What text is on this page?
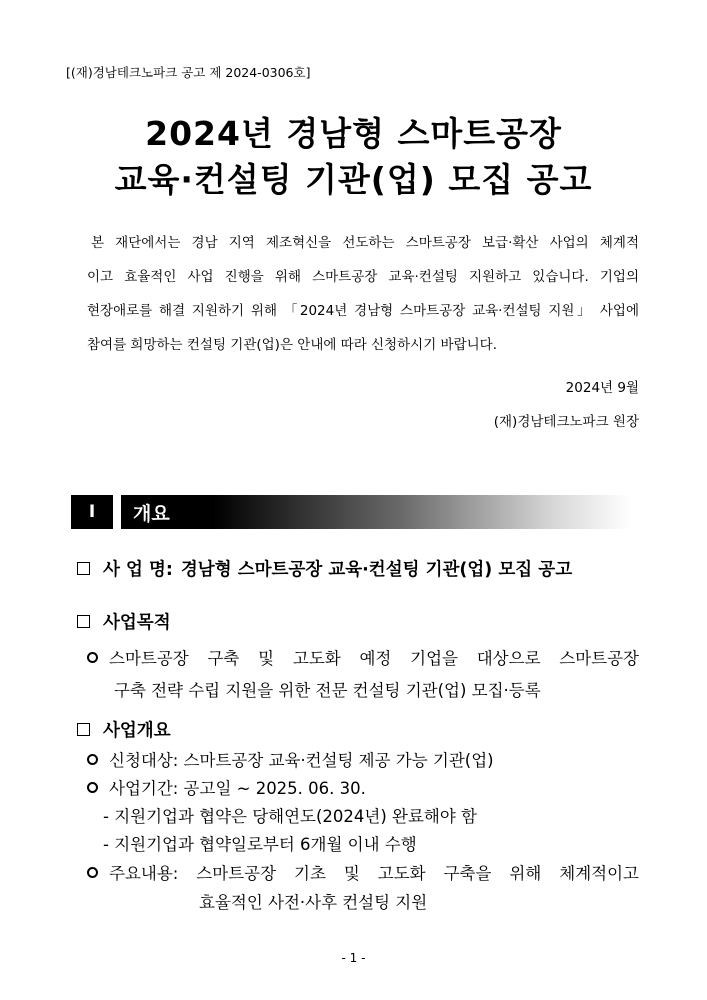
[(재)경남테크노파크 공고 제 2024-0306호]
2024년 경남형 스마트공장
교육·컨설팅 기관(업) 모집 공고
본 재단에서는 경남 지역 제조혁신을 선도하는 스마트공장 보급·확산 사업의 체계적
이고 효율적인 사업 진행을 위해 스마트공장 교육·컨설팅 지원하고 있습니다. 기업의
현장애로를 해결 지원하기 위해 「2024년 경남형 스마트공장 교육·컨설팅 지원」 사업에
참여를 희망하는 컨설팅 기관(업)은 안내에 따라 신청하시기 바랍니다.
2024년 9월
(재)경남테크노파크 원장
I	개요
사 업 명: 경남형 스마트공장 교육·컨설팅 기관(업) 모집 공고
사업목적
스마트공장 구축 및 고도화 예정 기업을 대상으로 스마트공장
구축 전략 수립 지원을 위한 전문 컨설팅 기관(업) 모집·등록
사업개요
신청대상: 스마트공장 교육·컨설팅 제공 가능 기관(업)
사업기간: 공고일 ~ 2025. 06. 30.
- 지원기업과 협약은 당해연도(2024년) 완료해야 함
- 지원기업과 협약일로부터 6개월 이내 수행
주요내용: 스마트공장 기초 및 고도화 구축을 위해 체계적이고
효율적인 사전·사후 컨설팅 지원
- 1 -
